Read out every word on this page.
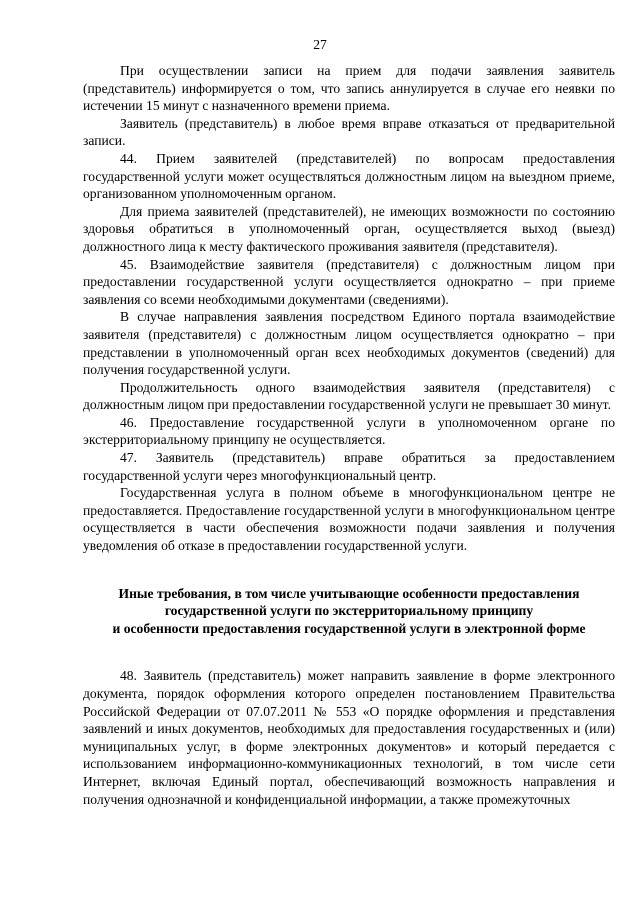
27

При осуществлении записи на прием для подачи заявления заявитель (представитель) информируется о том, что запись аннулируется в случае его неявки по истечении 15 минут с назначенного времени приема.

Заявитель (представитель) в любое время вправе отказаться от предварительной записи.

44. Прием заявителей (представителей) по вопросам предоставления государственной услуги может осуществляться должностным лицом на выездном приеме, организованном уполномоченным органом.

Для приема заявителей (представителей), не имеющих возможности по состоянию здоровья обратиться в уполномоченный орган, осуществляется выход (выезд) должностного лица к месту фактического проживания заявителя (представителя).

45. Взаимодействие заявителя (представителя) с должностным лицом при предоставлении государственной услуги осуществляется однократно – при приеме заявления со всеми необходимыми документами (сведениями).

В случае направления заявления посредством Единого портала взаимодействие заявителя (представителя) с должностным лицом осуществляется однократно – при представлении в уполномоченный орган всех необходимых документов (сведений) для получения государственной услуги.

Продолжительность одного взаимодействия заявителя (представителя) с должностным лицом при предоставлении государственной услуги не превышает 30 минут.

46. Предоставление государственной услуги в уполномоченном органе по экстерриториальному принципу не осуществляется.

47. Заявитель (представитель) вправе обратиться за предоставлением государственной услуги через многофункциональный центр.

Государственная услуга в полном объеме в многофункциональном центре не предоставляется. Предоставление государственной услуги в многофункциональном центре осуществляется в части обеспечения возможности подачи заявления и получения уведомления об отказе в предоставлении государственной услуги.

Иные требования, в том числе учитывающие особенности предоставления
государственной услуги по экстерриториальному принципу
и особенности предоставления государственной услуги в электронной форме

48. Заявитель (представитель) может направить заявление в форме электронного документа, порядок оформления которого определен постановлением Правительства Российской Федерации от 07.07.2011 № 553 «О порядке оформления и представления заявлений и иных документов, необходимых для предоставления государственных и (или) муниципальных услуг, в форме электронных документов» и который передается с использованием информационно-коммуникационных технологий, в том числе сети Интернет, включая Единый портал, обеспечивающий возможность направления и получения однозначной и конфиденциальной информации, а также промежуточных
